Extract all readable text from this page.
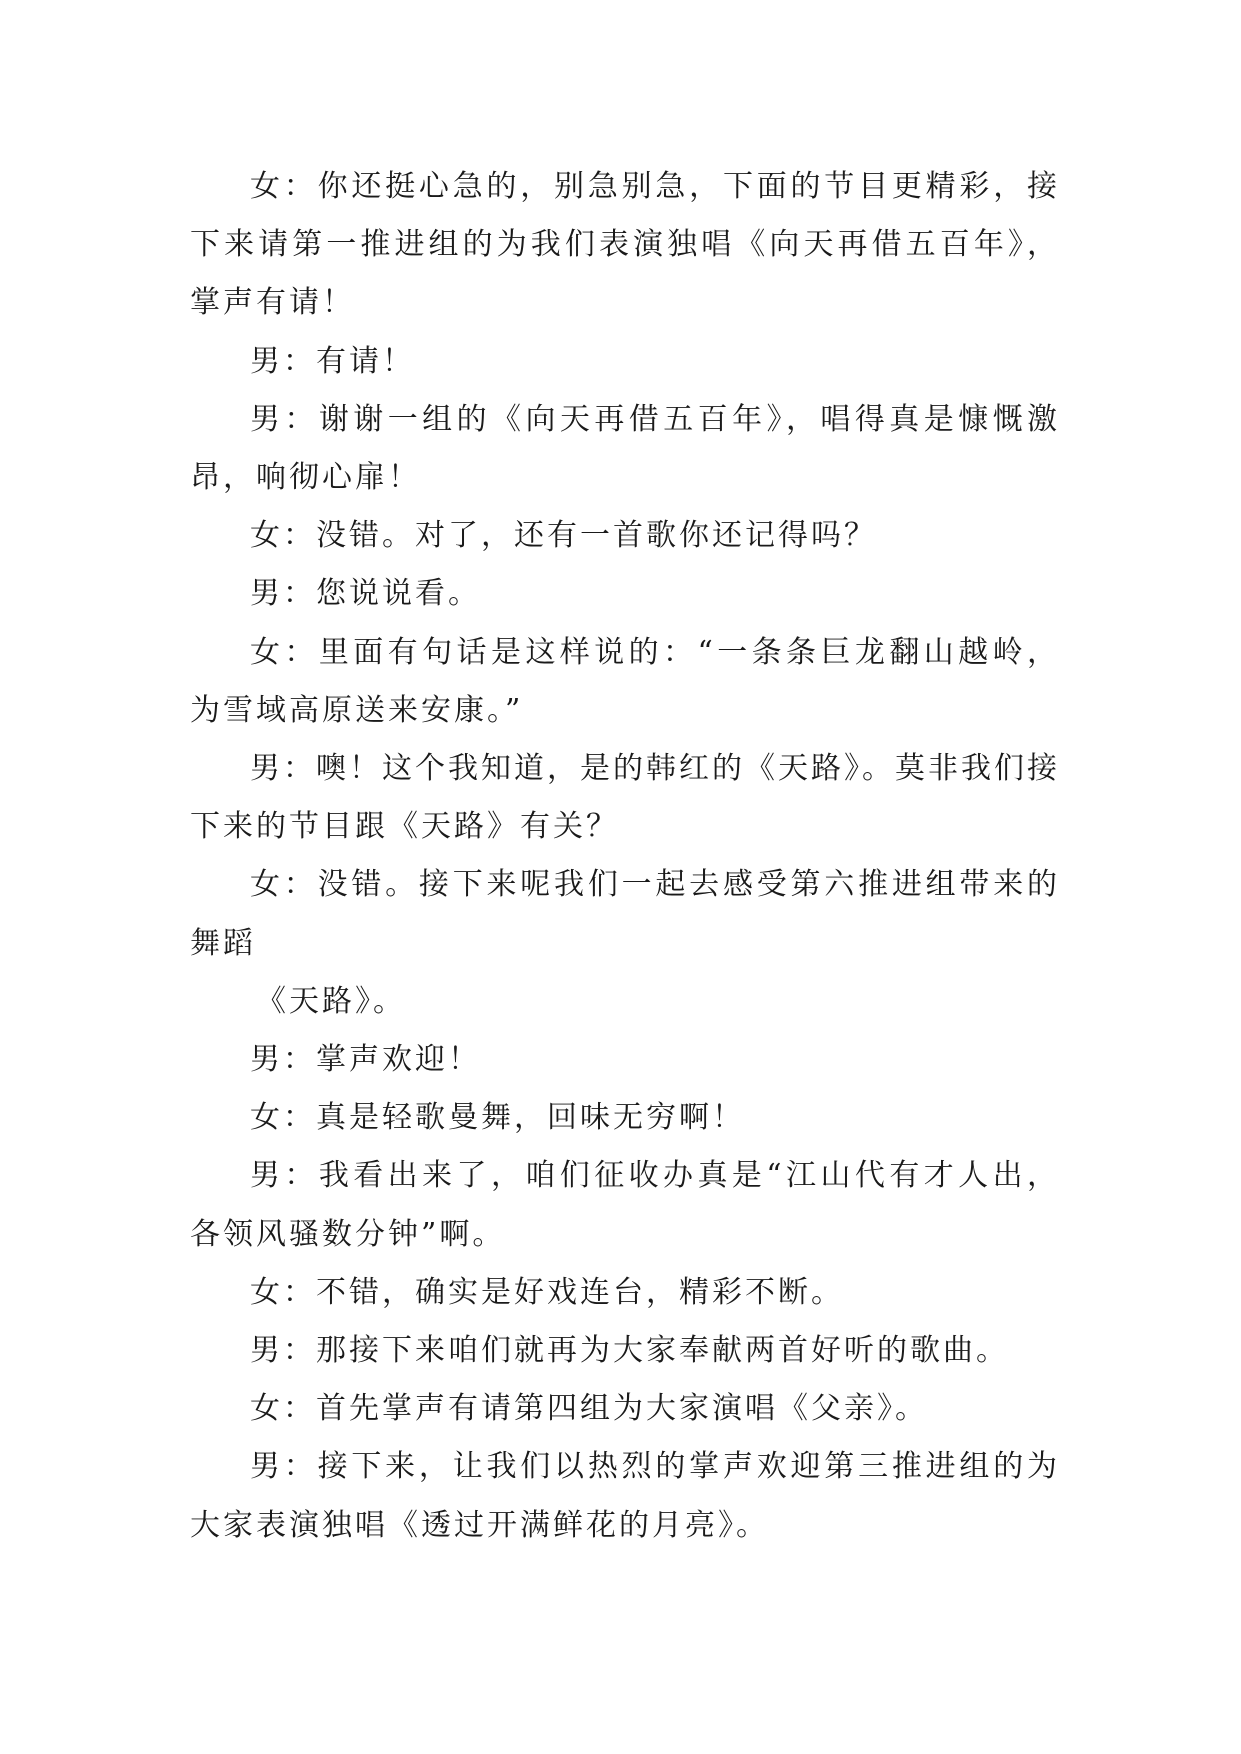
女：你还挺心急的，别急别急，下面的节目更精彩，接下来请第一推进组的为我们表演独唱《向天再借五百年》，掌声有请！

男：有请！

男：谢谢一组的《向天再借五百年》，唱得真是慷慨激昂，响彻心扉！

女：没错。对了，还有一首歌你还记得吗？

男：您说说看。

女：里面有句话是这样说的：“一条条巨龙翻山越岭，为雪域高原送来安康。”

男：噢！这个我知道，是的韩红的《天路》。莫非我们接下来的节目跟《天路》有关？

女：没错。接下来呢我们一起去感受第六推进组带来的舞蹈

《天路》。

男：掌声欢迎！

女：真是轻歌曼舞，回味无穷啊！

男：我看出来了，咱们征收办真是“江山代有才人出，各领风骚数分钟”啊。

女：不错，确实是好戏连台，精彩不断。

男：那接下来咱们就再为大家奉献两首好听的歌曲。

女：首先掌声有请第四组为大家演唱《父亲》。

男：接下来，让我们以热烈的掌声欢迎第三推进组的为大家表演独唱《透过开满鲜花的月亮》。
